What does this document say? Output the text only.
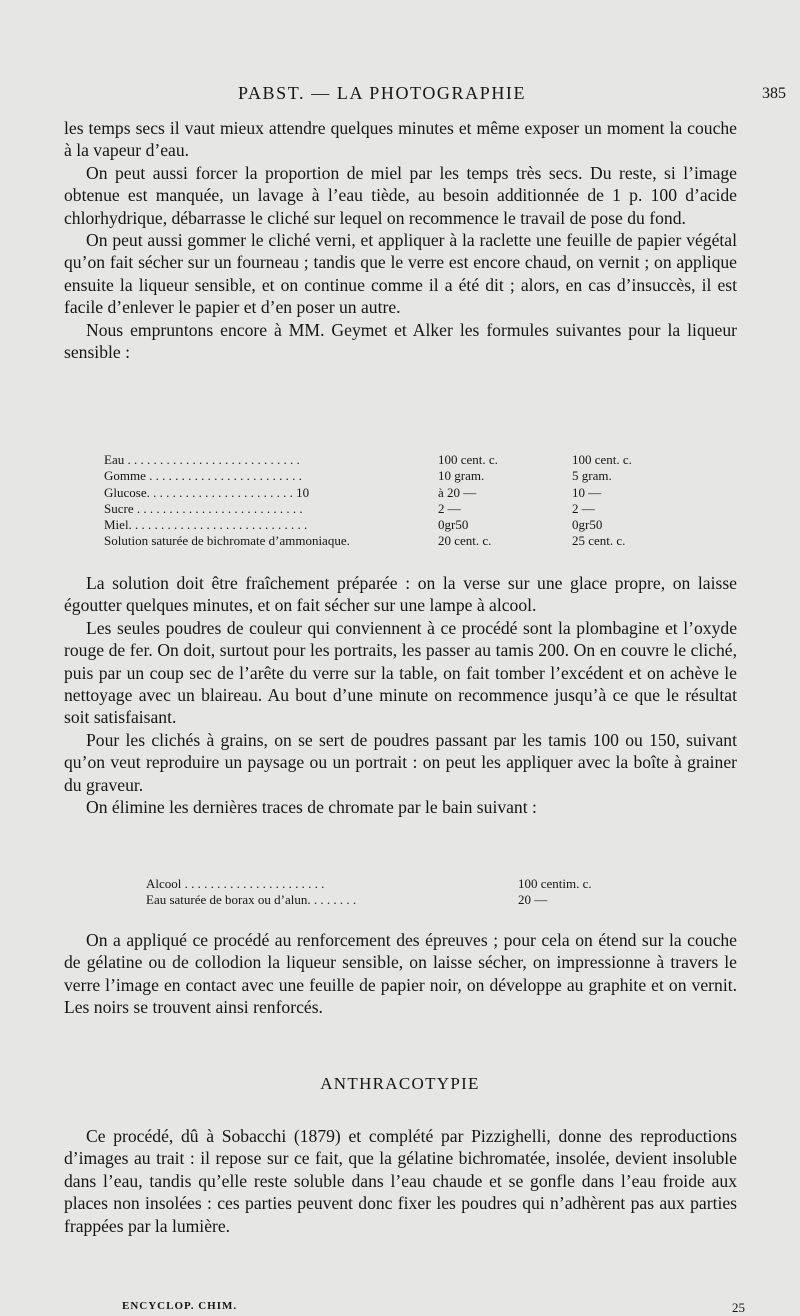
PABST. — LA PHOTOGRAPHIE	385

les temps secs il vaut mieux attendre quelques minutes et même exposer un moment la couche à la vapeur d’eau.

On peut aussi forcer la proportion de miel par les temps très secs. Du reste, si l’image obtenue est manquée, un lavage à l’eau tiède, au besoin additionnée de 1 p. 100 d’acide chlorhydrique, débarrasse le cliché sur lequel on recommence le travail de pose du fond.

On peut aussi gommer le cliché verni, et appliquer à la raclette une feuille de papier végétal qu’on fait sécher sur un fourneau ; tandis que le verre est encore chaud, on vernit ; on applique ensuite la liqueur sensible, et on continue comme il a été dit ; alors, en cas d’insuccès, il est facile d’enlever le papier et d’en poser un autre.

Nous empruntons encore à MM. Geymet et Alker les formules suivantes pour la liqueur sensible :

Eau . . . . . . . . . . . . . . . . . . . . . . . . . . .	100 cent. c.	100 cent. c.
Gomme . . . . . . . . . . . . . . . . . . . . . . . .	10 gram.	5 gram.
Glucose. . . . . . . . . . . . . . . . . . . . . . . 10	à 20 —	10 —
Sucre . . . . . . . . . . . . . . . . . . . . . . . . . .	2 —	2 —
Miel. . . . . . . . . . . . . . . . . . . . . . . . . . . .	0gr50	0gr50
Solution saturée de bichromate d’ammoniaque.	20 cent. c.	25 cent. c.

La solution doit être fraîchement préparée : on la verse sur une glace propre, on laisse égoutter quelques minutes, et on fait sécher sur une lampe à alcool.

Les seules poudres de couleur qui conviennent à ce procédé sont la plombagine et l’oxyde rouge de fer. On doit, surtout pour les portraits, les passer au tamis 200. On en couvre le cliché, puis par un coup sec de l’arête du verre sur la table, on fait tomber l’excédent et on achève le nettoyage avec un blaireau. Au bout d’une minute on recommence jusqu’à ce que le résultat soit satisfaisant.

Pour les clichés à grains, on se sert de poudres passant par les tamis 100 ou 150, suivant qu’on veut reproduire un paysage ou un portrait : on peut les appliquer avec la boîte à grainer du graveur.

On élimine les dernières traces de chromate par le bain suivant :

Alcool . . . . . . . . . . . . . . . . . . . . . .	100 centim. c.
Eau saturée de borax ou d’alun. . . . . . . .	20 —

On a appliqué ce procédé au renforcement des épreuves ; pour cela on étend sur la couche de gélatine ou de collodion la liqueur sensible, on laisse sécher, on impressionne à travers le verre l’image en contact avec une feuille de papier noir, on développe au graphite et on vernit. Les noirs se trouvent ainsi renforcés.

ANTHRACOTYPIE

Ce procédé, dû à Sobacchi (1879) et complété par Pizzighelli, donne des reproductions d’images au trait : il repose sur ce fait, que la gélatine bichromatée, insolée, devient insoluble dans l’eau, tandis qu’elle reste soluble dans l’eau chaude et se gonfle dans l’eau froide aux places non insolées : ces parties peuvent donc fixer les poudres qui n’adhèrent pas aux parties frappées par la lumière.

ENCYCLOP. CHIM.	25
